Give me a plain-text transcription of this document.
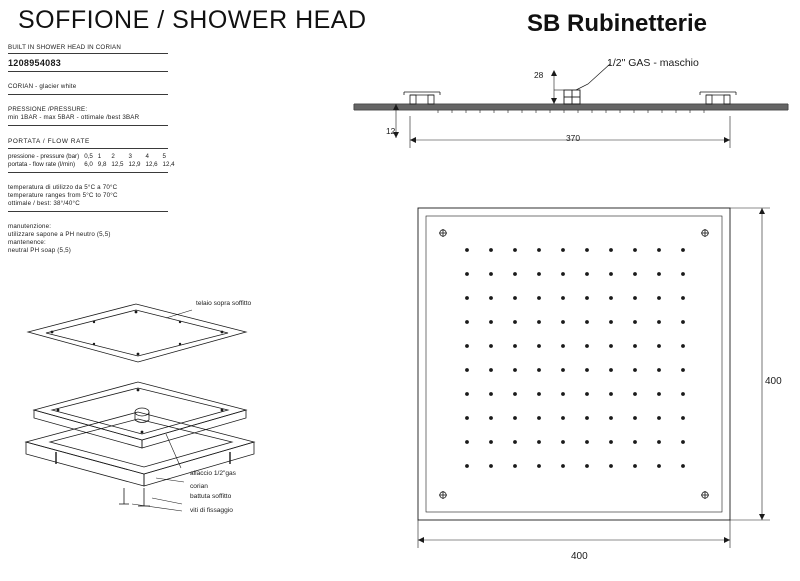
SOFFIONE / SHOWER HEAD	SB Rubinetterie
BUILT IN SHOWER HEAD IN CORIAN
1208954083
CORIAN - glacier white
PRESSIONE /PRESSURE:
min 1BAR - max 5BAR - ottimale /best 3BAR
PORTATA / FLOW RATE
pressione - pressure (bar)	0,5	1	2	3	4	5
portata - flow rate (l/min)	6,0	9,8	12,5	12,9	12,6	12,4
temperatura di utilizzo da 5°C a 70°C
temperature ranges from 5°C to 70°C
ottimale / best: 38°/40°C
manutenzione:
utilizzare sapone a PH neutro (5,5)
mantenence:
neutral PH soap (5,5)
1/2" GAS - maschio
28
12
370
400
400
telaio sopra soffitto
allaccio 1/2"gas
corian
battuta soffitto
viti di fissaggio
